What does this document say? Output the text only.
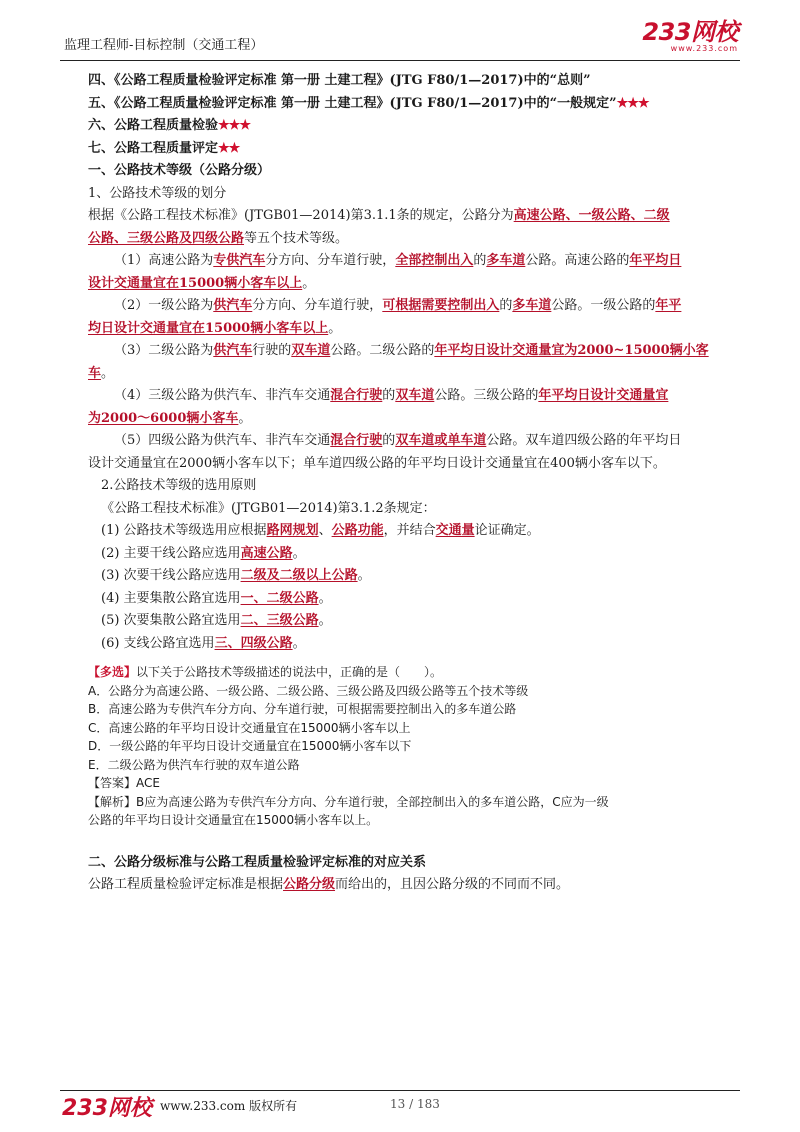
监理工程师-目标控制（交通工程）	233网校
www.233.com
四、《公路工程质量检验评定标准 第一册 土建工程》(JTG F80/1—2017)中的“总则”
五、《公路工程质量检验评定标准 第一册 土建工程》(JTG F80/1—2017)中的“一般规定”★★★
六、公路工程质量检验★★★
七、公路工程质量评定★★
一、公路技术等级（公路分级）
1、公路技术等级的划分
根据《公路工程技术标准》(JTGB01—2014)第3.1.1条的规定，公路分为高速公路、一级公路、二级
公路、三级公路及四级公路等五个技术等级。
（1）高速公路为专供汽车分方向、分车道行驶，全部控制出入的多车道公路。高速公路的年平均日
设计交通量宜在15000辆小客车以上。
（2）一级公路为供汽车分方向、分车道行驶，可根据需要控制出入的多车道公路。一级公路的年平
均日设计交通量宜在15000辆小客车以上。
（3）二级公路为供汽车行驶的双车道公路。二级公路的年平均日设计交通量宜为2000~15000辆小客
车。
（4）三级公路为供汽车、非汽车交通混合行驶的双车道公路。三级公路的年平均日设计交通量宜
为2000～6000辆小客车。
（5）四级公路为供汽车、非汽车交通混合行驶的双车道或单车道公路。双车道四级公路的年平均日
设计交通量宜在2000辆小客车以下；单车道四级公路的年平均日设计交通量宜在400辆小客车以下。
2.公路技术等级的选用原则
《公路工程技术标准》(JTGB01—2014)第3.1.2条规定：
(1) 公路技术等级选用应根据路网规划、公路功能，并结合交通量论证确定。
(2) 主要干线公路应选用高速公路。
(3) 次要干线公路应选用二级及二级以上公路。
(4) 主要集散公路宜选用一、二级公路。
(5) 次要集散公路宜选用二、三级公路。
(6) 支线公路宜选用三、四级公路。
【多选】以下关于公路技术等级描述的说法中，正确的是（　　）。
A．公路分为高速公路、一级公路、二级公路、三级公路及四级公路等五个技术等级
B．高速公路为专供汽车分方向、分车道行驶，可根据需要控制出入的多车道公路
C．高速公路的年平均日设计交通量宜在15000辆小客车以上
D．一级公路的年平均日设计交通量宜在15000辆小客车以下
E．二级公路为供汽车行驶的双车道公路
【答案】ACE
【解析】B应为高速公路为专供汽车分方向、分车道行驶，全部控制出入的多车道公路，C应为一级
公路的年平均日设计交通量宜在15000辆小客车以上。
二、公路分级标准与公路工程质量检验评定标准的对应关系
公路工程质量检验评定标准是根据公路分级而给出的，且因公路分级的不同而不同。
233网校 www.233.com 版权所有	13 / 183
